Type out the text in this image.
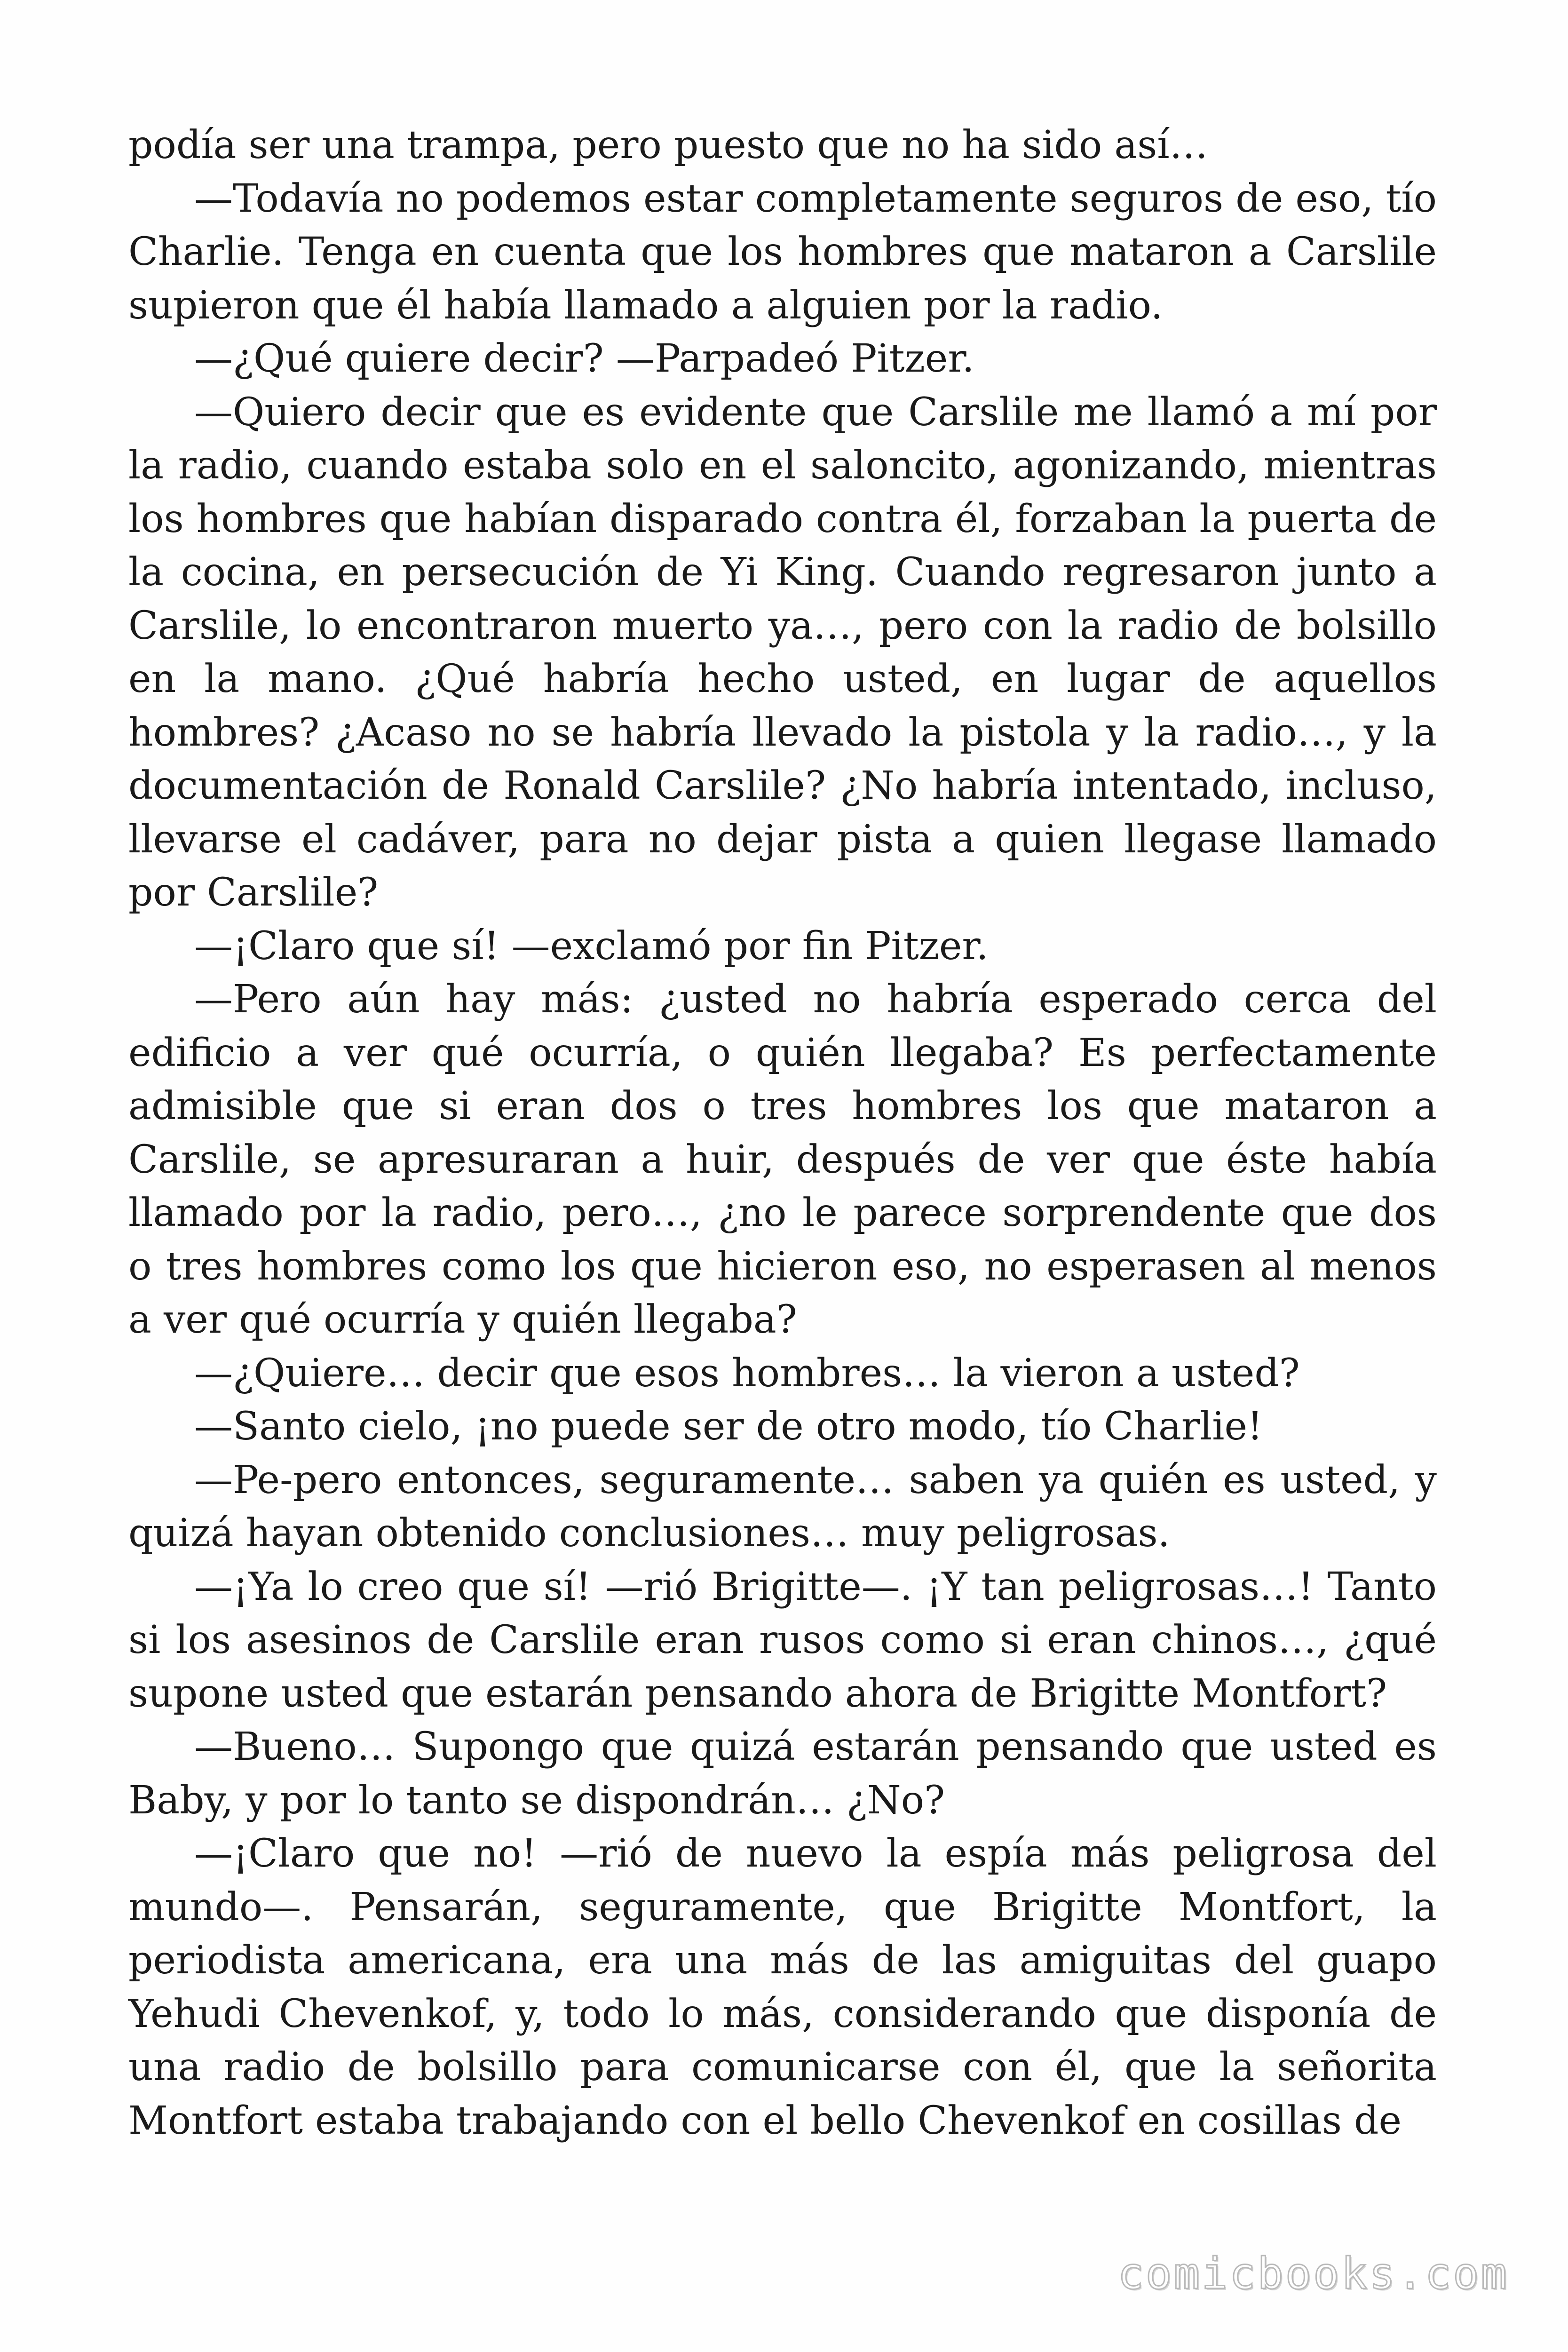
podía ser una trampa, pero puesto que no ha sido así…

—Todavía no podemos estar completamente seguros de eso, tío Charlie. Tenga en cuenta que los hombres que mataron a Carslile supieron que él había llamado a alguien por la radio.

—¿Qué quiere decir? —Parpadeó Pitzer.

—Quiero decir que es evidente que Carslile me llamó a mí por la radio, cuando estaba solo en el saloncito, agonizando, mientras los hombres que habían disparado contra él, forzaban la puerta de la cocina, en persecución de Yi King. Cuando regresaron junto a Carslile, lo encontraron muerto ya…, pero con la radio de bolsillo en la mano. ¿Qué habría hecho usted, en lugar de aquellos hombres? ¿Acaso no se habría llevado la pistola y la radio…, y la documentación de Ronald Carslile? ¿No habría intentado, incluso, llevarse el cadáver, para no dejar pista a quien llegase llamado por Carslile?

—¡Claro que sí! —exclamó por fin Pitzer.

—Pero aún hay más: ¿usted no habría esperado cerca del edificio a ver qué ocurría, o quién llegaba? Es perfectamente admisible que si eran dos o tres hombres los que mataron a Carslile, se apresuraran a huir, después de ver que éste había llamado por la radio, pero…, ¿no le parece sorprendente que dos o tres hombres como los que hicieron eso, no esperasen al menos a ver qué ocurría y quién llegaba?

—¿Quiere… decir que esos hombres… la vieron a usted?

—Santo cielo, ¡no puede ser de otro modo, tío Charlie!

—Pe-pero entonces, seguramente… saben ya quién es usted, y quizá hayan obtenido conclusiones… muy peligrosas.

—¡Ya lo creo que sí! —rió Brigitte—. ¡Y tan peligrosas…! Tanto si los asesinos de Carslile eran rusos como si eran chinos…, ¿qué supone usted que estarán pensando ahora de Brigitte Montfort?

—Bueno… Supongo que quizá estarán pensando que usted es Baby, y por lo tanto se dispondrán… ¿No?

—¡Claro que no! —rió de nuevo la espía más peligrosa del mundo—. Pensarán, seguramente, que Brigitte Montfort, la periodista americana, era una más de las amiguitas del guapo Yehudi Chevenkof, y, todo lo más, considerando que disponía de una radio de bolsillo para comunicarse con él, que la señorita Montfort estaba trabajando con el bello Chevenkof en cosillas de

comicbooks.com
